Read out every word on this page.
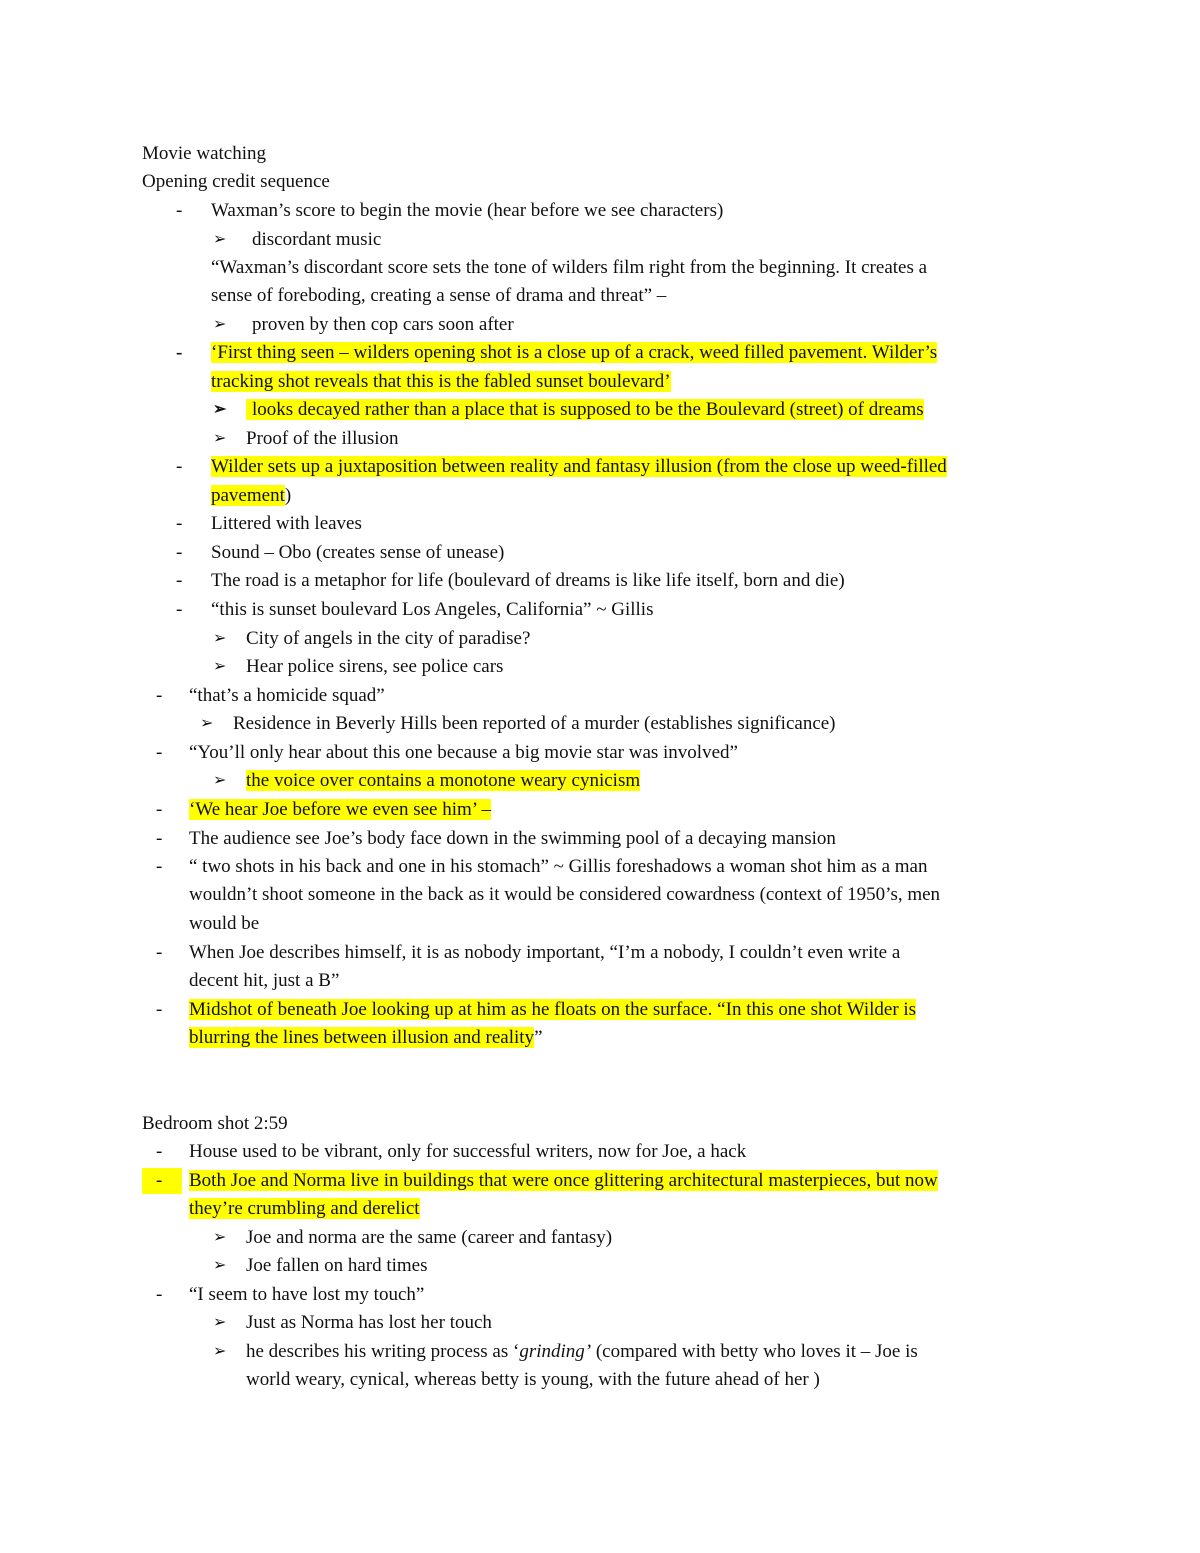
Movie watching
Opening credit sequence
- Waxman’s score to begin the movie (hear before we see characters)
➢ discordant music
“Waxman’s discordant score sets the tone of wilders film right from the beginning. It creates a
sense of foreboding, creating a sense of drama and threat” –
➢ proven by then cop cars soon after
- ‘First thing seen – wilders opening shot is a close up of a crack, weed filled pavement. Wilder’s
tracking shot reveals that this is the fabled sunset boulevard’
➢	looks decayed rather than a place that is supposed to be the Boulevard (street) of dreams
➢ Proof of the illusion
- Wilder sets up a juxtaposition between reality and fantasy illusion (from the close up weed-filled
pavement)
- Littered with leaves
- Sound – Obo (creates sense of unease)
- The road is a metaphor for life (boulevard of dreams is like life itself, born and die)
- “this is sunset boulevard Los Angeles, California” ~ Gillis
➢ City of angels in the city of paradise?
➢ Hear police sirens, see police cars
- “that’s a homicide squad”
➢ Residence in Beverly Hills been reported of a murder (establishes significance)
- “You’ll only hear about this one because a big movie star was involved”
➢ the voice over contains a monotone weary cynicism
- ‘We hear Joe before we even see him’ –
- The audience see Joe’s body face down in the swimming pool of a decaying mansion
- “ two shots in his back and one in his stomach” ~ Gillis foreshadows a woman shot him as a man
wouldn’t shoot someone in the back as it would be considered cowardness (context of 1950’s, men
would be
- When Joe describes himself, it is as nobody important, “I’m a nobody, I couldn’t even write a
decent hit, just a B”
- Midshot of beneath Joe looking up at him as he floats on the surface. “In this one shot Wilder is
blurring the lines between illusion and reality”
Bedroom shot 2:59
- House used to be vibrant, only for successful writers, now for Joe, a hack
- Both Joe and Norma live in buildings that were once glittering architectural masterpieces, but now
they’re crumbling and derelict
➢ Joe and norma are the same (career and fantasy)
➢ Joe fallen on hard times
- “I seem to have lost my touch”
➢ Just as Norma has lost her touch
➢ he describes his writing process as ‘grinding’ (compared with betty who loves it – Joe is
world weary, cynical, whereas betty is young, with the future ahead of her )
